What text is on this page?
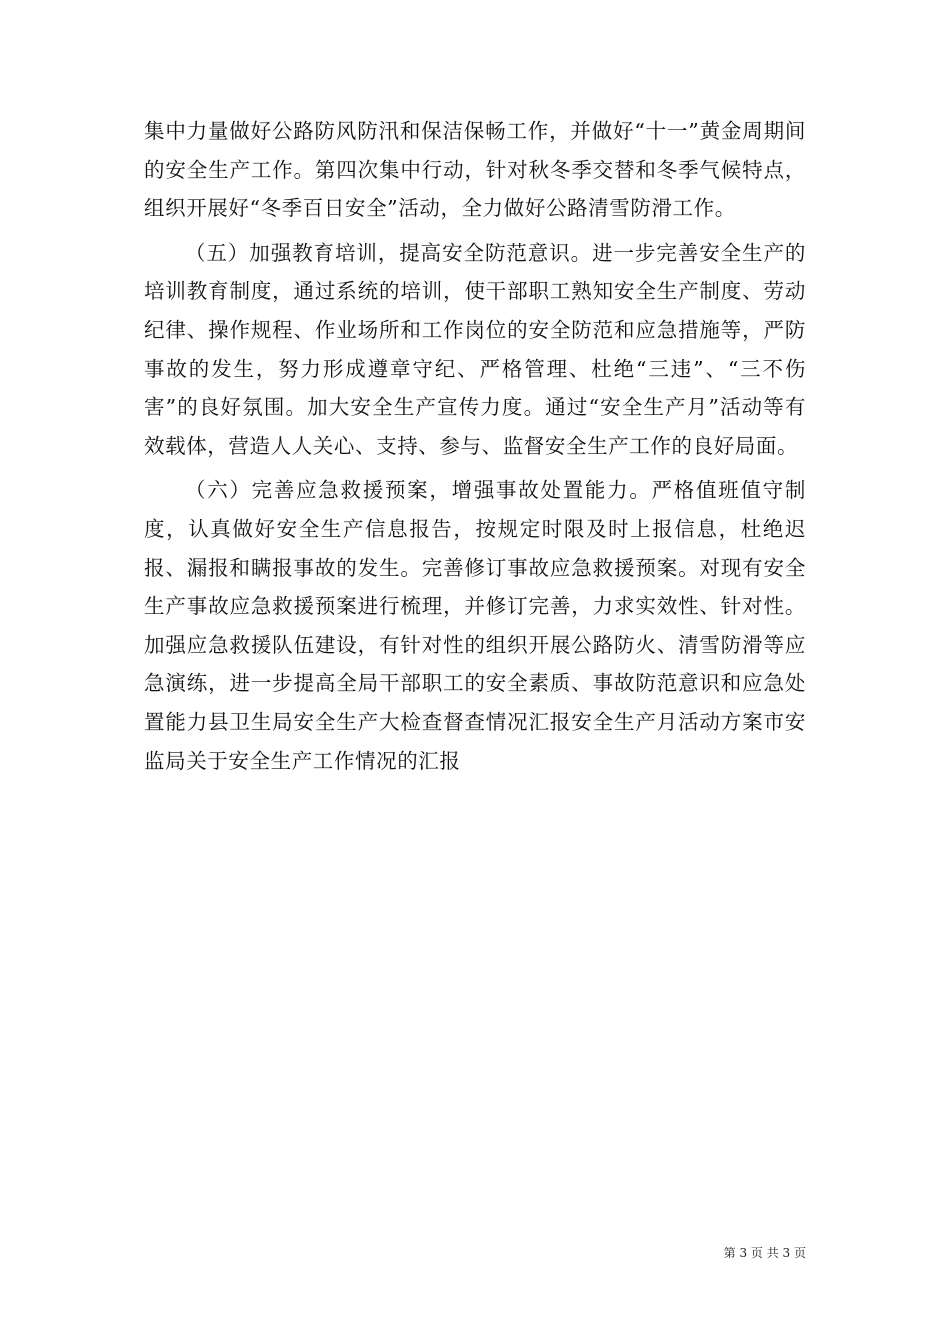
集中力量做好公路防风防汛和保洁保畅工作，并做好“十一”黄金周期间的安全生产工作。第四次集中行动，针对秋冬季交替和冬季气候特点，组织开展好“冬季百日安全”活动，全力做好公路清雪防滑工作。

（五）加强教育培训，提高安全防范意识。进一步完善安全生产的培训教育制度，通过系统的培训，使干部职工熟知安全生产制度、劳动纪律、操作规程、作业场所和工作岗位的安全防范和应急措施等，严防事故的发生，努力形成遵章守纪、严格管理、杜绝“三违”、“三不伤害”的良好氛围。加大安全生产宣传力度。通过“安全生产月”活动等有效载体，营造人人关心、支持、参与、监督安全生产工作的良好局面。

（六）完善应急救援预案，增强事故处置能力。严格值班值守制度，认真做好安全生产信息报告，按规定时限及时上报信息，杜绝迟报、漏报和瞒报事故的发生。完善修订事故应急救援预案。对现有安全生产事故应急救援预案进行梳理，并修订完善，力求实效性、针对性。加强应急救援队伍建设，有针对性的组织开展公路防火、清雪防滑等应急演练，进一步提高全局干部职工的安全素质、事故防范意识和应急处置能力县卫生局安全生产大检查督查情况汇报安全生产月活动方案市安监局关于安全生产工作情况的汇报

第 3 页 共 3 页
